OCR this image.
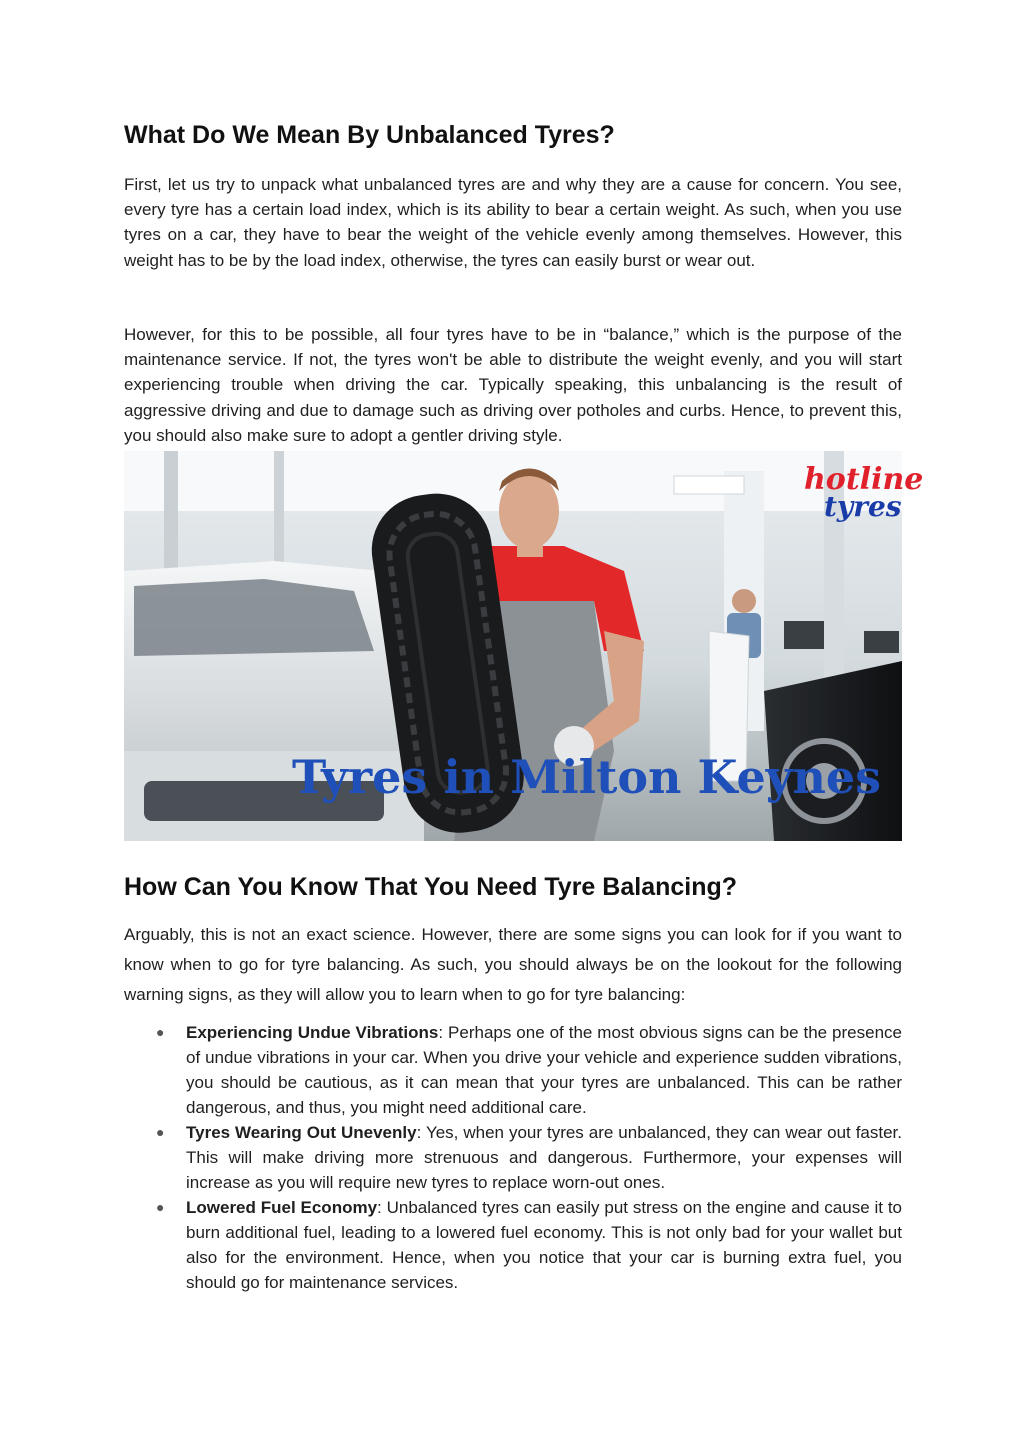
What Do We Mean By Unbalanced Tyres?

First, let us try to unpack what unbalanced tyres are and why they are a cause for concern. You see, every tyre has a certain load index, which is its ability to bear a certain weight. As such, when you use tyres on a car, they have to bear the weight of the vehicle evenly among themselves. However, this weight has to be by the load index, otherwise, the tyres can easily burst or wear out.

However, for this to be possible, all four tyres have to be in “balance,” which is the purpose of the maintenance service. If not, the tyres won't be able to distribute the weight evenly, and you will start experiencing trouble when driving the car. Typically speaking, this unbalancing is the result of aggressive driving and due to damage such as driving over potholes and curbs. Hence, to prevent this, you should also make sure to adopt a gentler driving style.

hotline
tyres
Tyres in Milton Keynes
How Can You Know That You Need Tyre Balancing?

Arguably, this is not an exact science. However, there are some signs you can look for if you want to know when to go for tyre balancing. As such, you should always be on the lookout for the following warning signs, as they will allow you to learn when to go for tyre balancing:

● Experiencing Undue Vibrations: Perhaps one of the most obvious signs can be the presence of undue vibrations in your car. When you drive your vehicle and experience sudden vibrations, you should be cautious, as it can mean that your tyres are unbalanced. This can be rather dangerous, and thus, you might need additional care.
● Tyres Wearing Out Unevenly: Yes, when your tyres are unbalanced, they can wear out faster. This will make driving more strenuous and dangerous. Furthermore, your expenses will increase as you will require new tyres to replace worn-out ones.
● Lowered Fuel Economy: Unbalanced tyres can easily put stress on the engine and cause it to burn additional fuel, leading to a lowered fuel economy. This is not only bad for your wallet but also for the environment. Hence, when you notice that your car is burning extra fuel, you should go for maintenance services.
